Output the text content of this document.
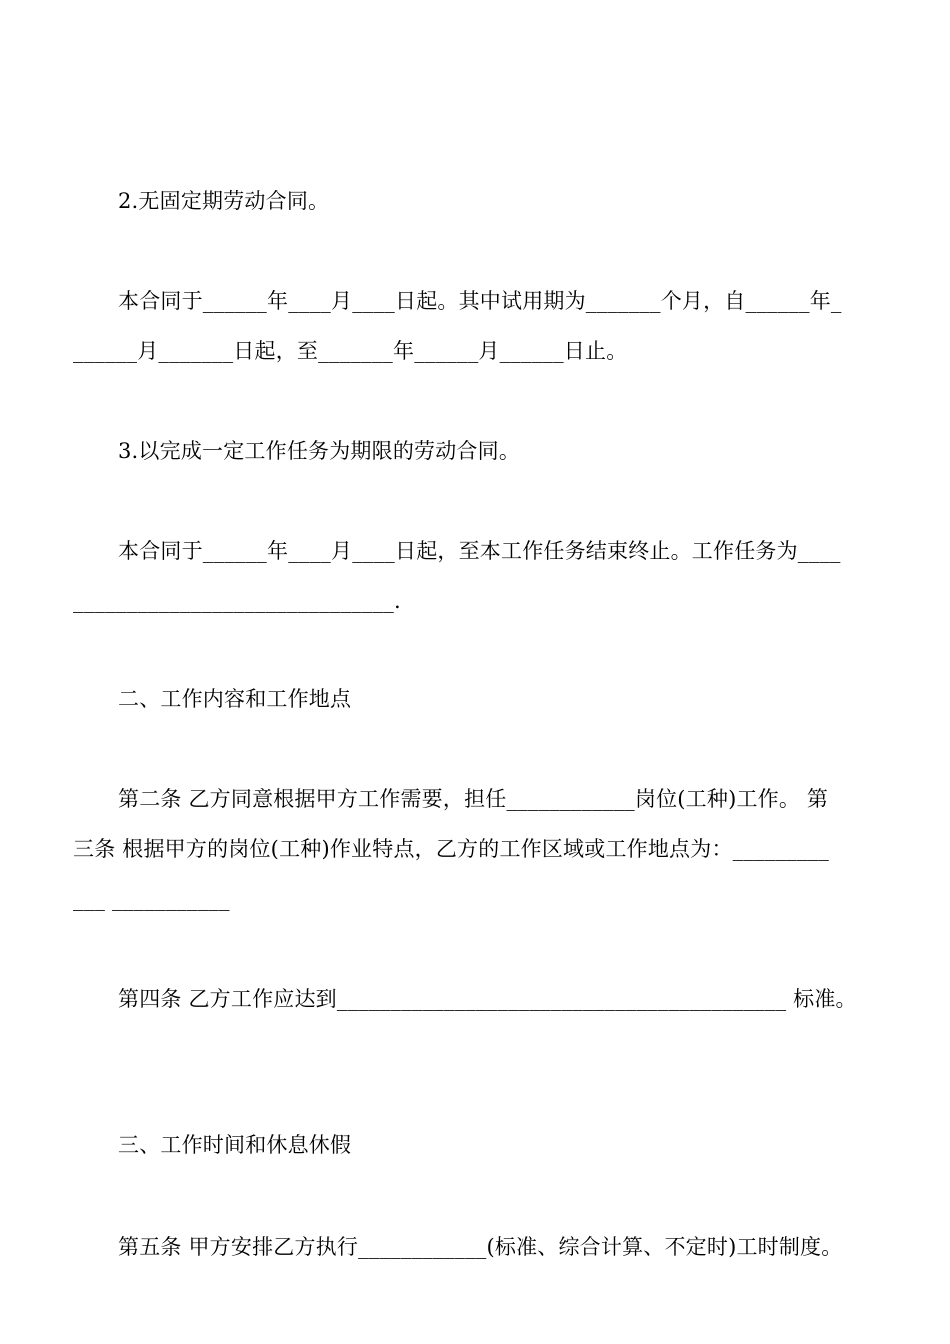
2.无固定期劳动合同。
本合同于______年____月____日起。其中试用期为_______个月，自______年_
______月_______日起，至_______年______月______日止。
3.以完成一定工作任务为期限的劳动合同。
本合同于______年____月____日起，至本工作任务结束终止。工作任务为____
______________________________.
二、工作内容和工作地点
第二条 乙方同意根据甲方工作需要，担任____________岗位(工种)工作。 第
三条 根据甲方的岗位(工种)作业特点，乙方的工作区域或工作地点为：_________
___ ___________
第四条 乙方工作应达到__________________________________________ 标准。
三、工作时间和休息休假
第五条 甲方安排乙方执行____________(标准、综合计算、不定时)工时制度。
